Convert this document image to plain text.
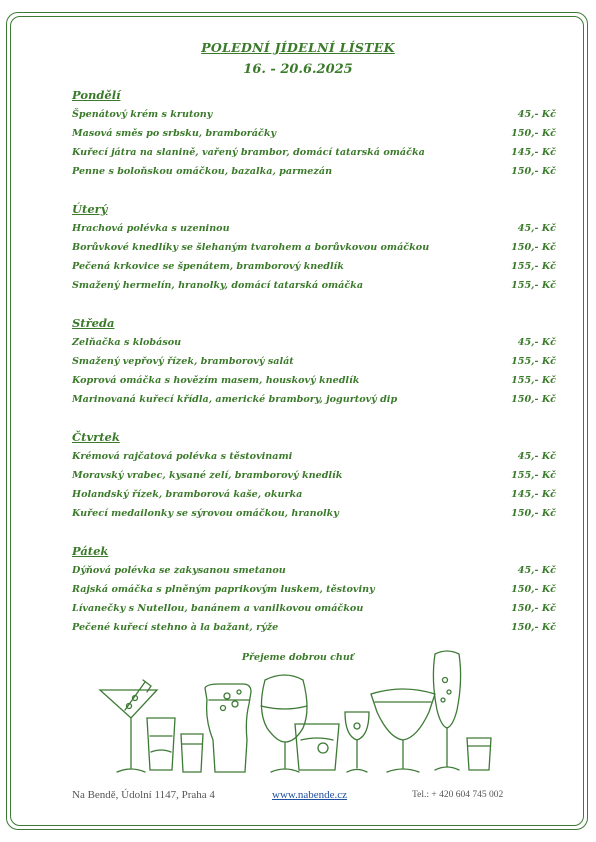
POLEDNÍ JÍDELNÍ LÍSTEK
16. - 20.6.2025
Pondělí
Špenátový krém s krutony	45,- Kč
Masová směs po srbsku, bramboráčky	150,- Kč
Kuřecí játra na slanině, vařený brambor, domácí tatarská omáčka	145,- Kč
Penne s boloňskou omáčkou, bazalka, parmezán	150,- Kč
Úterý
Hrachová polévka s uzeninou	45,- Kč
Borůvkové knedlíky se šlehaným tvarohem a borůvkovou omáčkou	150,- Kč
Pečená krkovice se špenátem, bramborový knedlík	155,- Kč
Smažený hermelín, hranolky, domácí tatarská omáčka	155,- Kč
Středa
Zelňačka s klobásou	45,- Kč
Smažený vepřový řízek, bramborový salát	155,- Kč
Koprová omáčka s hovězím masem, houskový knedlík	155,- Kč
Marinovaná kuřecí křídla, americké brambory, jogurtový dip	150,- Kč
Čtvrtek
Krémová rajčatová polévka s těstovinami	45,- Kč
Moravský vrabec, kysané zelí, bramborový knedlík	155,- Kč
Holandský řízek, bramborová kaše, okurka	145,- Kč
Kuřecí medailonky se sýrovou omáčkou, hranolky	150,- Kč
Pátek
Dýňová polévka se zakysanou smetanou	45,- Kč
Rajská omáčka s plněným paprikovým luskem, těstoviny	150,- Kč
Lívanečky s Nutellou, banánem a vanilkovou omáčkou	150,- Kč
Pečené kuřecí stehno à la bažant, rýže	150,- Kč
Přejeme dobrou chuť
Na Bendě, Údolní 1147, Praha 4	www.nabende.cz	Tel.: + 420 604 745 002
